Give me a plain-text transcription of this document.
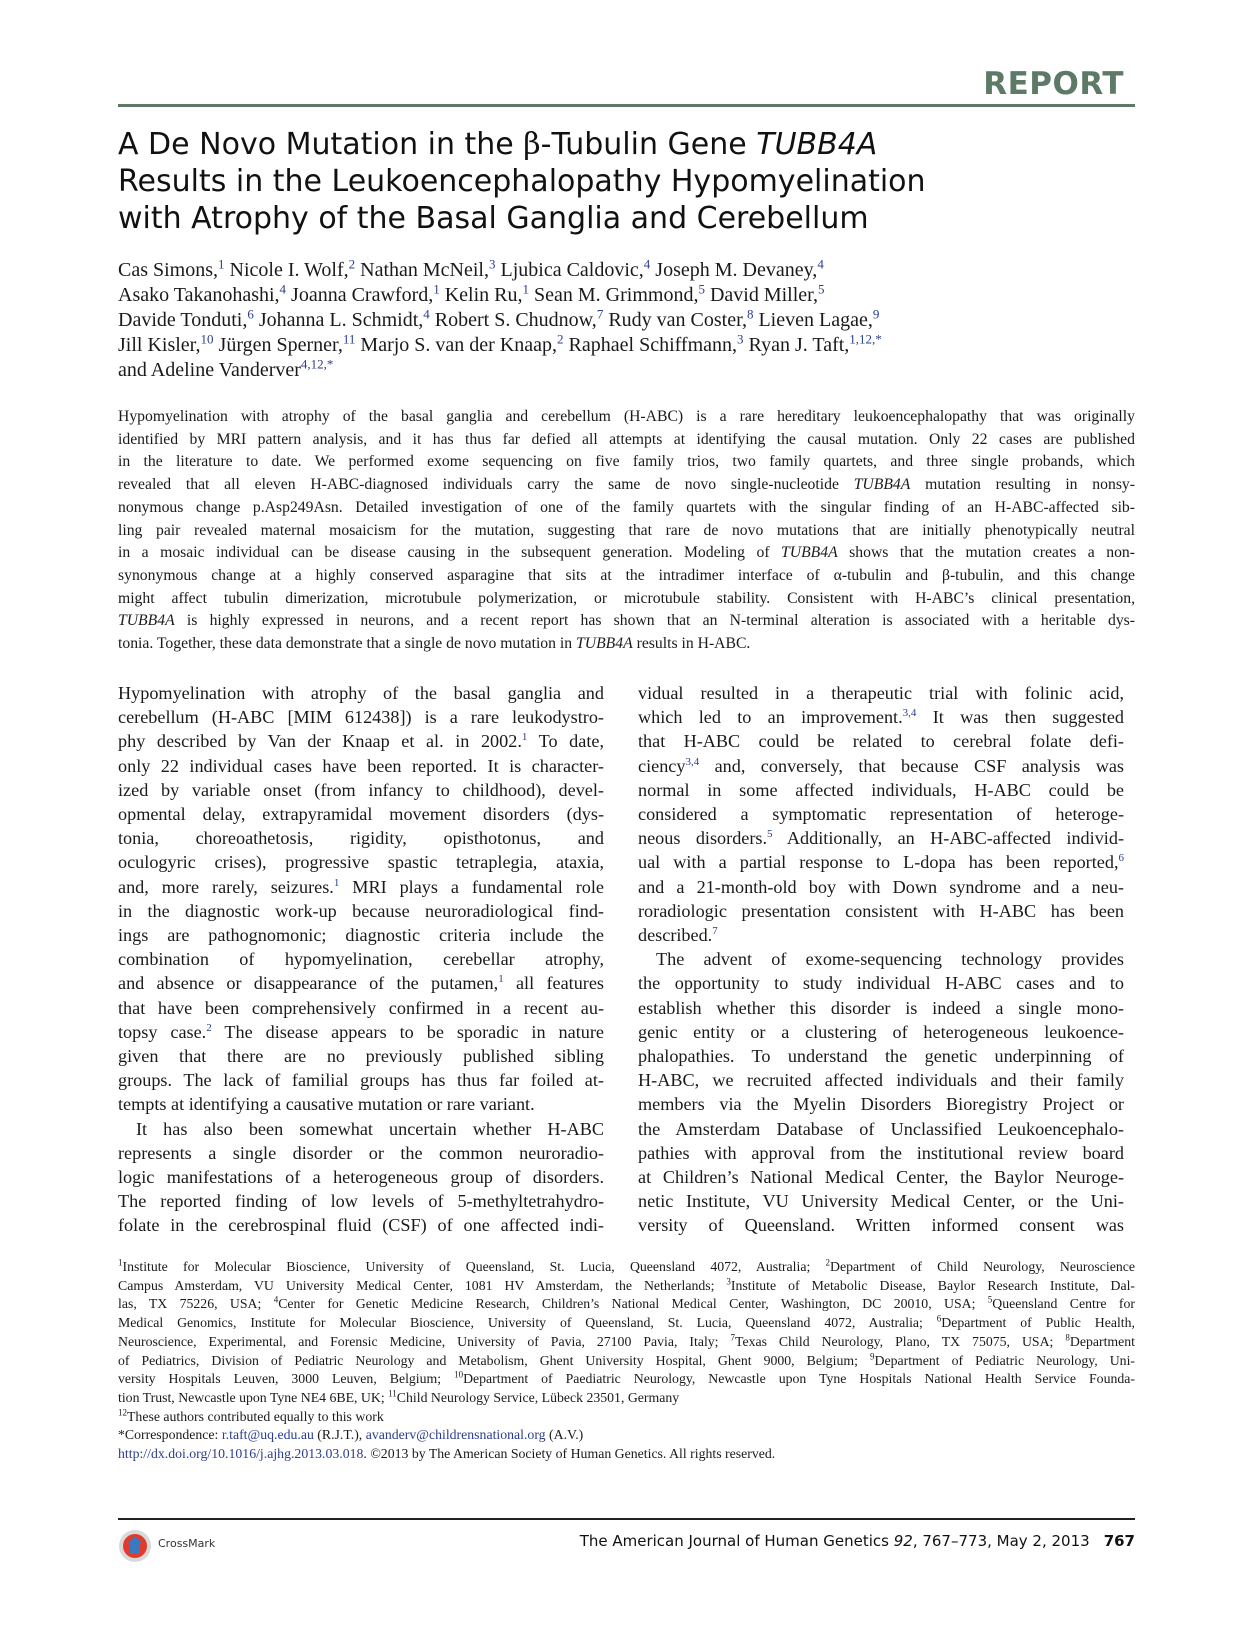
REPORT
A De Novo Mutation in the β-Tubulin Gene TUBB4A
Results in the Leukoencephalopathy Hypomyelination
with Atrophy of the Basal Ganglia and Cerebellum
Cas Simons,$^1$ Nicole I. Wolf,$^2$ Nathan McNeil,$^3$ Ljubica Caldovic,$^4$ Joseph M. Devaney,$^4$
Asako Takanohashi,$^4$ Joanna Crawford,$^1$ Kelin Ru,$^1$ Sean M. Grimmond,$^5$ David Miller,$^5$
Davide Tonduti,$^6$ Johanna L. Schmidt,$^4$ Robert S. Chudnow,$^7$ Rudy van Coster,$^8$ Lieven Lagae,$^9$
Jill Kisler,$^{10}$ Jürgen Sperner,$^{11}$ Marjo S. van der Knaap,$^2$ Raphael Schiffmann,$^3$ Ryan J. Taft,$^{1,12,*}$
and Adeline Vanderver$^{4,12,*}$
Hypomyelination with atrophy of the basal ganglia and cerebellum (H-ABC) is a rare hereditary leukoencephalopathy that was originally
identified by MRI pattern analysis, and it has thus far defied all attempts at identifying the causal mutation. Only 22 cases are published
in the literature to date. We performed exome sequencing on five family trios, two family quartets, and three single probands, which
revealed that all eleven H-ABC-diagnosed individuals carry the same de novo single-nucleotide TUBB4A mutation resulting in nonsy-
nonymous change p.Asp249Asn. Detailed investigation of one of the family quartets with the singular finding of an H-ABC-affected sib-
ling pair revealed maternal mosaicism for the mutation, suggesting that rare de novo mutations that are initially phenotypically neutral
in a mosaic individual can be disease causing in the subsequent generation. Modeling of TUBB4A shows that the mutation creates a non-
synonymous change at a highly conserved asparagine that sits at the intradimer interface of α-tubulin and β-tubulin, and this change
might affect tubulin dimerization, microtubule polymerization, or microtubule stability. Consistent with H-ABC’s clinical presentation,
TUBB4A is highly expressed in neurons, and a recent report has shown that an N-terminal alteration is associated with a heritable dys-
tonia. Together, these data demonstrate that a single de novo mutation in TUBB4A results in H-ABC.
Hypomyelination with atrophy of the basal ganglia and
cerebellum (H-ABC [MIM 612438]) is a rare leukodystro-
phy described by Van der Knaap et al. in 2002.$^1$ To date,
only 22 individual cases have been reported. It is character-
ized by variable onset (from infancy to childhood), devel-
opmental delay, extrapyramidal movement disorders (dys-
tonia, choreoathetosis, rigidity, opisthotonus, and
oculogyric crises), progressive spastic tetraplegia, ataxia,
and, more rarely, seizures.$^1$ MRI plays a fundamental role
in the diagnostic work-up because neuroradiological find-
ings are pathognomonic; diagnostic criteria include the
combination of hypomyelination, cerebellar atrophy,
and absence or disappearance of the putamen,$^1$ all features
that have been comprehensively confirmed in a recent au-
topsy case.$^2$ The disease appears to be sporadic in nature
given that there are no previously published sibling
groups. The lack of familial groups has thus far foiled at-
tempts at identifying a causative mutation or rare variant.
It has also been somewhat uncertain whether H-ABC
represents a single disorder or the common neuroradio-
logic manifestations of a heterogeneous group of disorders.
The reported finding of low levels of 5-methyltetrahydro-
folate in the cerebrospinal fluid (CSF) of one affected indi-
vidual resulted in a therapeutic trial with folinic acid,
which led to an improvement.$^{3,4}$ It was then suggested
that H-ABC could be related to cerebral folate defi-
ciency$^{3,4}$ and, conversely, that because CSF analysis was
normal in some affected individuals, H-ABC could be
considered a symptomatic representation of heteroge-
neous disorders.$^5$ Additionally, an H-ABC-affected individ-
ual with a partial response to L-dopa has been reported,$^6$
and a 21-month-old boy with Down syndrome and a neu-
roradiologic presentation consistent with H-ABC has been
described.$^7$
The advent of exome-sequencing technology provides
the opportunity to study individual H-ABC cases and to
establish whether this disorder is indeed a single mono-
genic entity or a clustering of heterogeneous leukoence-
phalopathies. To understand the genetic underpinning of
H-ABC, we recruited affected individuals and their family
members via the Myelin Disorders Bioregistry Project or
the Amsterdam Database of Unclassified Leukoencephalo-
pathies with approval from the institutional review board
at Children’s National Medical Center, the Baylor Neuroge-
netic Institute, VU University Medical Center, or the Uni-
versity of Queensland. Written informed consent was
$^1$Institute for Molecular Bioscience, University of Queensland, St. Lucia, Queensland 4072, Australia; $^2$Department of Child Neurology, Neuroscience
Campus Amsterdam, VU University Medical Center, 1081 HV Amsterdam, the Netherlands; $^3$Institute of Metabolic Disease, Baylor Research Institute, Dal-
las, TX 75226, USA; $^4$Center for Genetic Medicine Research, Children’s National Medical Center, Washington, DC 20010, USA; $^5$Queensland Centre for
Medical Genomics, Institute for Molecular Bioscience, University of Queensland, St. Lucia, Queensland 4072, Australia; $^6$Department of Public Health,
Neuroscience, Experimental, and Forensic Medicine, University of Pavia, 27100 Pavia, Italy; $^7$Texas Child Neurology, Plano, TX 75075, USA; $^8$Department
of Pediatrics, Division of Pediatric Neurology and Metabolism, Ghent University Hospital, Ghent 9000, Belgium; $^9$Department of Pediatric Neurology, Uni-
versity Hospitals Leuven, 3000 Leuven, Belgium; $^{10}$Department of Paediatric Neurology, Newcastle upon Tyne Hospitals National Health Service Founda-
tion Trust, Newcastle upon Tyne NE4 6BE, UK; $^{11}$Child Neurology Service, Lübeck 23501, Germany
$^{12}$These authors contributed equally to this work
*Correspondence: r.taft@uq.edu.au (R.J.T.), avanderv@childrensnational.org (A.V.)
http://dx.doi.org/10.1016/j.ajhg.2013.03.018. ©2013 by The American Society of Human Genetics. All rights reserved.
CrossMark	The American Journal of Human Genetics 92, 767–773, May 2, 2013 767
